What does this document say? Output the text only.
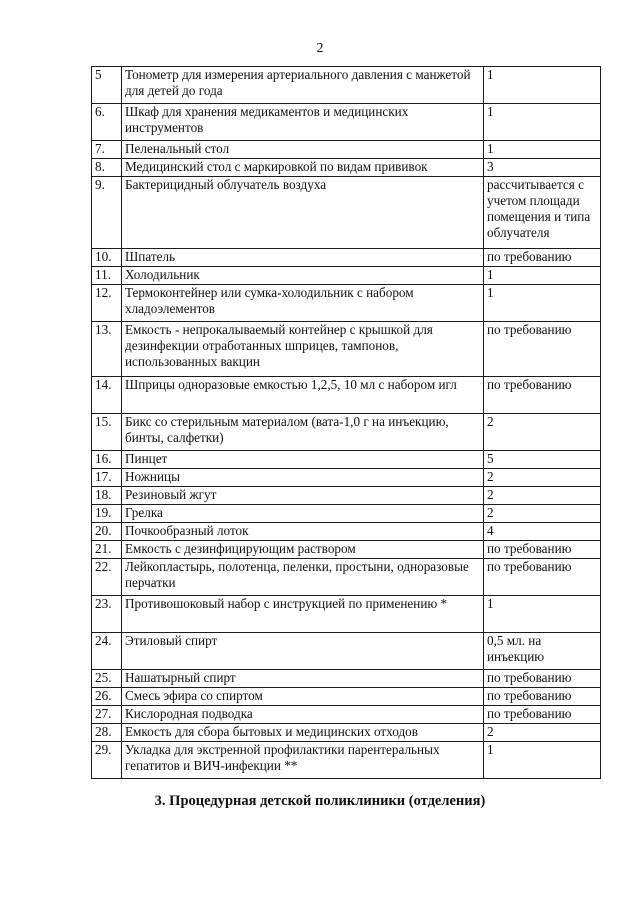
2
5	Тонометр для измерения артериального давления с манжетой для детей до года	1
6.	Шкаф для хранения медикаментов и медицинских инструментов	1
7.	Пеленальный стол	1
8.	Медицинский стол с маркировкой по видам прививок	3
9.	Бактерицидный облучатель воздуха	рассчитывается с учетом площади помещения и типа облучателя
10.	Шпатель	по требованию
11.	Холодильник	1
12.	Термоконтейнер или сумка-холодильник с набором хладоэлементов	1
13.	Емкость - непрокалываемый контейнер с крышкой для дезинфекции отработанных шприцев, тампонов, использованных вакцин	по требованию
14.	Шприцы одноразовые емкостью 1,2,5, 10 мл с набором игл	по требованию
15.	Бикс со стерильным материалом (вата-1,0 г на инъекцию, бинты, салфетки)	2
16.	Пинцет	5
17.	Ножницы	2
18.	Резиновый жгут	2
19.	Грелка	2
20.	Почкообразный лоток	4
21.	Емкость с дезинфицирующим раствором	по требованию
22.	Лейкопластырь, полотенца, пеленки, простыни, одноразовые перчатки	по требованию
23.	Противошоковый набор с инструкцией по применению *	1
24.	Этиловый спирт	0,5 мл. на инъекцию
25.	Нашатырный спирт	по требованию
26.	Смесь эфира со спиртом	по требованию
27.	Кислородная подводка	по требованию
28.	Емкость для сбора бытовых и медицинских отходов	2
29.	Укладка для экстренной профилактики парентеральных гепатитов и ВИЧ-инфекции **	1
3. Процедурная детской поликлиники (отделения)
